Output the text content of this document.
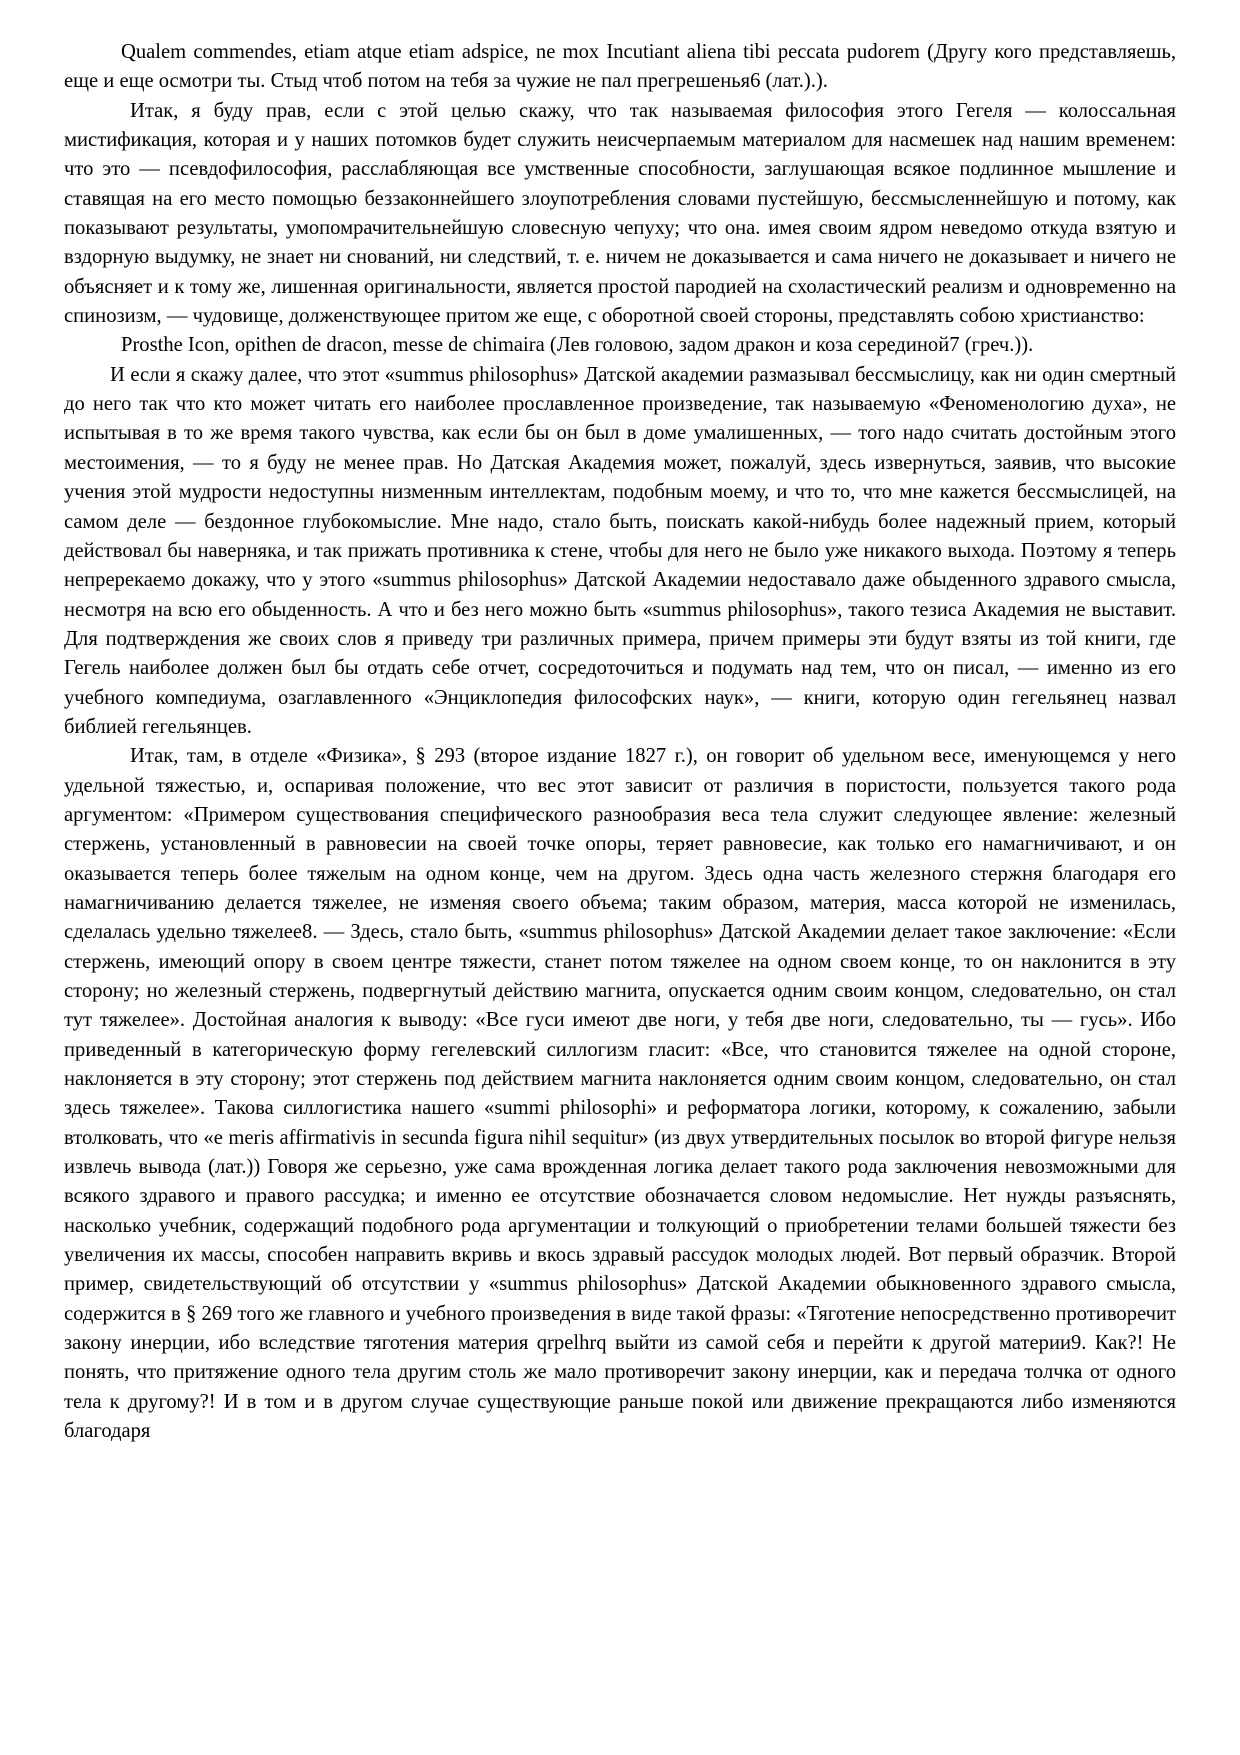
Qualem commendes, etiam atque etiam adspice, ne mox Incutiant aliena tibi peccata pudorem (Другу кого представляешь, еще и еще осмотри ты. Стыд чтоб потом на тебя за чужие не пал прегрешенья6 (лат.).).

Итак, я буду прав, если с этой целью скажу, что так называемая философия этого Гегеля — колоссальная мистификация, которая и у наших потомков будет служить неисчерпаемым материалом для насмешек над нашим временем: что это — псевдофилософия, расслабляющая все умственные способности, заглушающая всякое подлинное мышление и ставящая на его место помощью беззаконнейшего злоупотребления словами пустейшую, бессмысленнейшую и потому, как показывают результаты, умопомрачительнейшую словесную чепуху; что она. имея своим ядром неведомо откуда взятую и вздорную выдумку, не знает ни снований, ни следствий, т. е. ничем не доказывается и сама ничего не доказывает и ничего не объясняет и к тому же, лишенная оригинальности, является простой пародией на схоластический реализм и одновременно на спинозизм, — чудовище, долженствующее притом же еще, с оборотной своей стороны, представлять собою христианство:

Prosthe Icon, opithen de dracon, messe de chimaira (Лев головою, задом дракон и коза серединой7 (греч.)).

И если я скажу далее, что этот «summus philosophus» Датской академии размазывал бессмыслицу, как ни один смертный до него так что кто может читать его наиболее прославленное произведение, так называемую «Феноменологию духа», не испытывая в то же время такого чувства, как если бы он был в доме умалишенных, — того надо считать достойным этого местоимения, — то я буду не менее прав. Но Датская Академия может, пожалуй, здесь извернуться, заявив, что высокие учения этой мудрости недоступны низменным интеллектам, подобным моему, и что то, что мне кажется бессмыслицей, на самом деле — бездонное глубокомыслие. Мне надо, стало быть, поискать какой-нибудь более надежный прием, который действовал бы наверняка, и так прижать противника к стене, чтобы для него не было уже никакого выхода. Поэтому я теперь непререкаемо докажу, что у этого «summus philosophus» Датской Академии недоставало даже обыденного здравого смысла, несмотря на всю его обыденность. А что и без него можно быть «summus philosophus», такого тезиса Академия не выставит. Для подтверждения же своих слов я приведу три различных примера, причем примеры эти будут взяты из той книги, где Гегель наиболее должен был бы отдать себе отчет, сосредоточиться и подумать над тем, что он писал, — именно из его учебного компедиума, озаглавленного «Энциклопедия философских наук», — книги, которую один гегельянец назвал библией гегельянцев.

Итак, там, в отделе «Физика», § 293 (второе издание 1827 г.), он говорит об удельном весе, именующемся у него удельной тяжестью, и, оспаривая положение, что вес этот зависит от различия в пористости, пользуется такого рода аргументом: «Примером существования специфического разнообразия веса тела служит следующее явление: железный стержень, установленный в равновесии на своей точке опоры, теряет равновесие, как только его намагничивают, и он оказывается теперь более тяжелым на одном конце, чем на другом. Здесь одна часть железного стержня благодаря его намагничиванию делается тяжелее, не изменяя своего объема; таким образом, материя, масса которой не изменилась, сделалась удельно тяжелее8. — Здесь, стало быть, «summus philosophus» Датской Академии делает такое заключение: «Если стержень, имеющий опору в своем центре тяжести, станет потом тяжелее на одном своем конце, то он наклонится в эту сторону; но железный стержень, подвергнутый действию магнита, опускается одним своим концом, следовательно, он стал тут тяжелее». Достойная аналогия к выводу: «Все гуси имеют две ноги, у тебя две ноги, следовательно, ты — гусь». Ибо приведенный в категорическую форму гегелевский силлогизм гласит: «Все, что становится тяжелее на одной стороне, наклоняется в эту сторону; этот стержень под действием магнита наклоняется одним своим концом, следовательно, он стал здесь тяжелее». Такова силлогистика нашего «summi philosophi» и реформатора логики, которому, к сожалению, забыли втолковать, что «е meris affirmativis in secunda figura nihil sequitur» (из двух утвердительных посылок во второй фигуре нельзя извлечь вывода (лат.)) Говоря же серьезно, уже сама врожденная логика делает такого рода заключения невозможными для всякого здравого и правого рассудка; и именно ее отсутствие обозначается словом недомыслие. Нет нужды разъяснять, насколько учебник, содержащий подобного рода аргументации и толкующий о приобретении телами большей тяжести без увеличения их массы, способен направить вкривь и вкось здравый рассудок молодых людей. Вот первый образчик. Второй пример, свидетельствующий об отсутствии у «summus philosophus» Датской Академии обыкновенного здравого смысла, содержится в § 269 того же главного и учебного произведения в виде такой фразы: «Тяготение непосредственно противоречит закону инерции, ибо вследствие тяготения материя qrpelhrq выйти из самой себя и перейти к другой материи9. Как?! Не понять, что притяжение одного тела другим столь же мало противоречит закону инерции, как и передача толчка от одного тела к другому?! И в том и в другом случае существующие раньше покой или движение прекращаются либо изменяются благодаря
